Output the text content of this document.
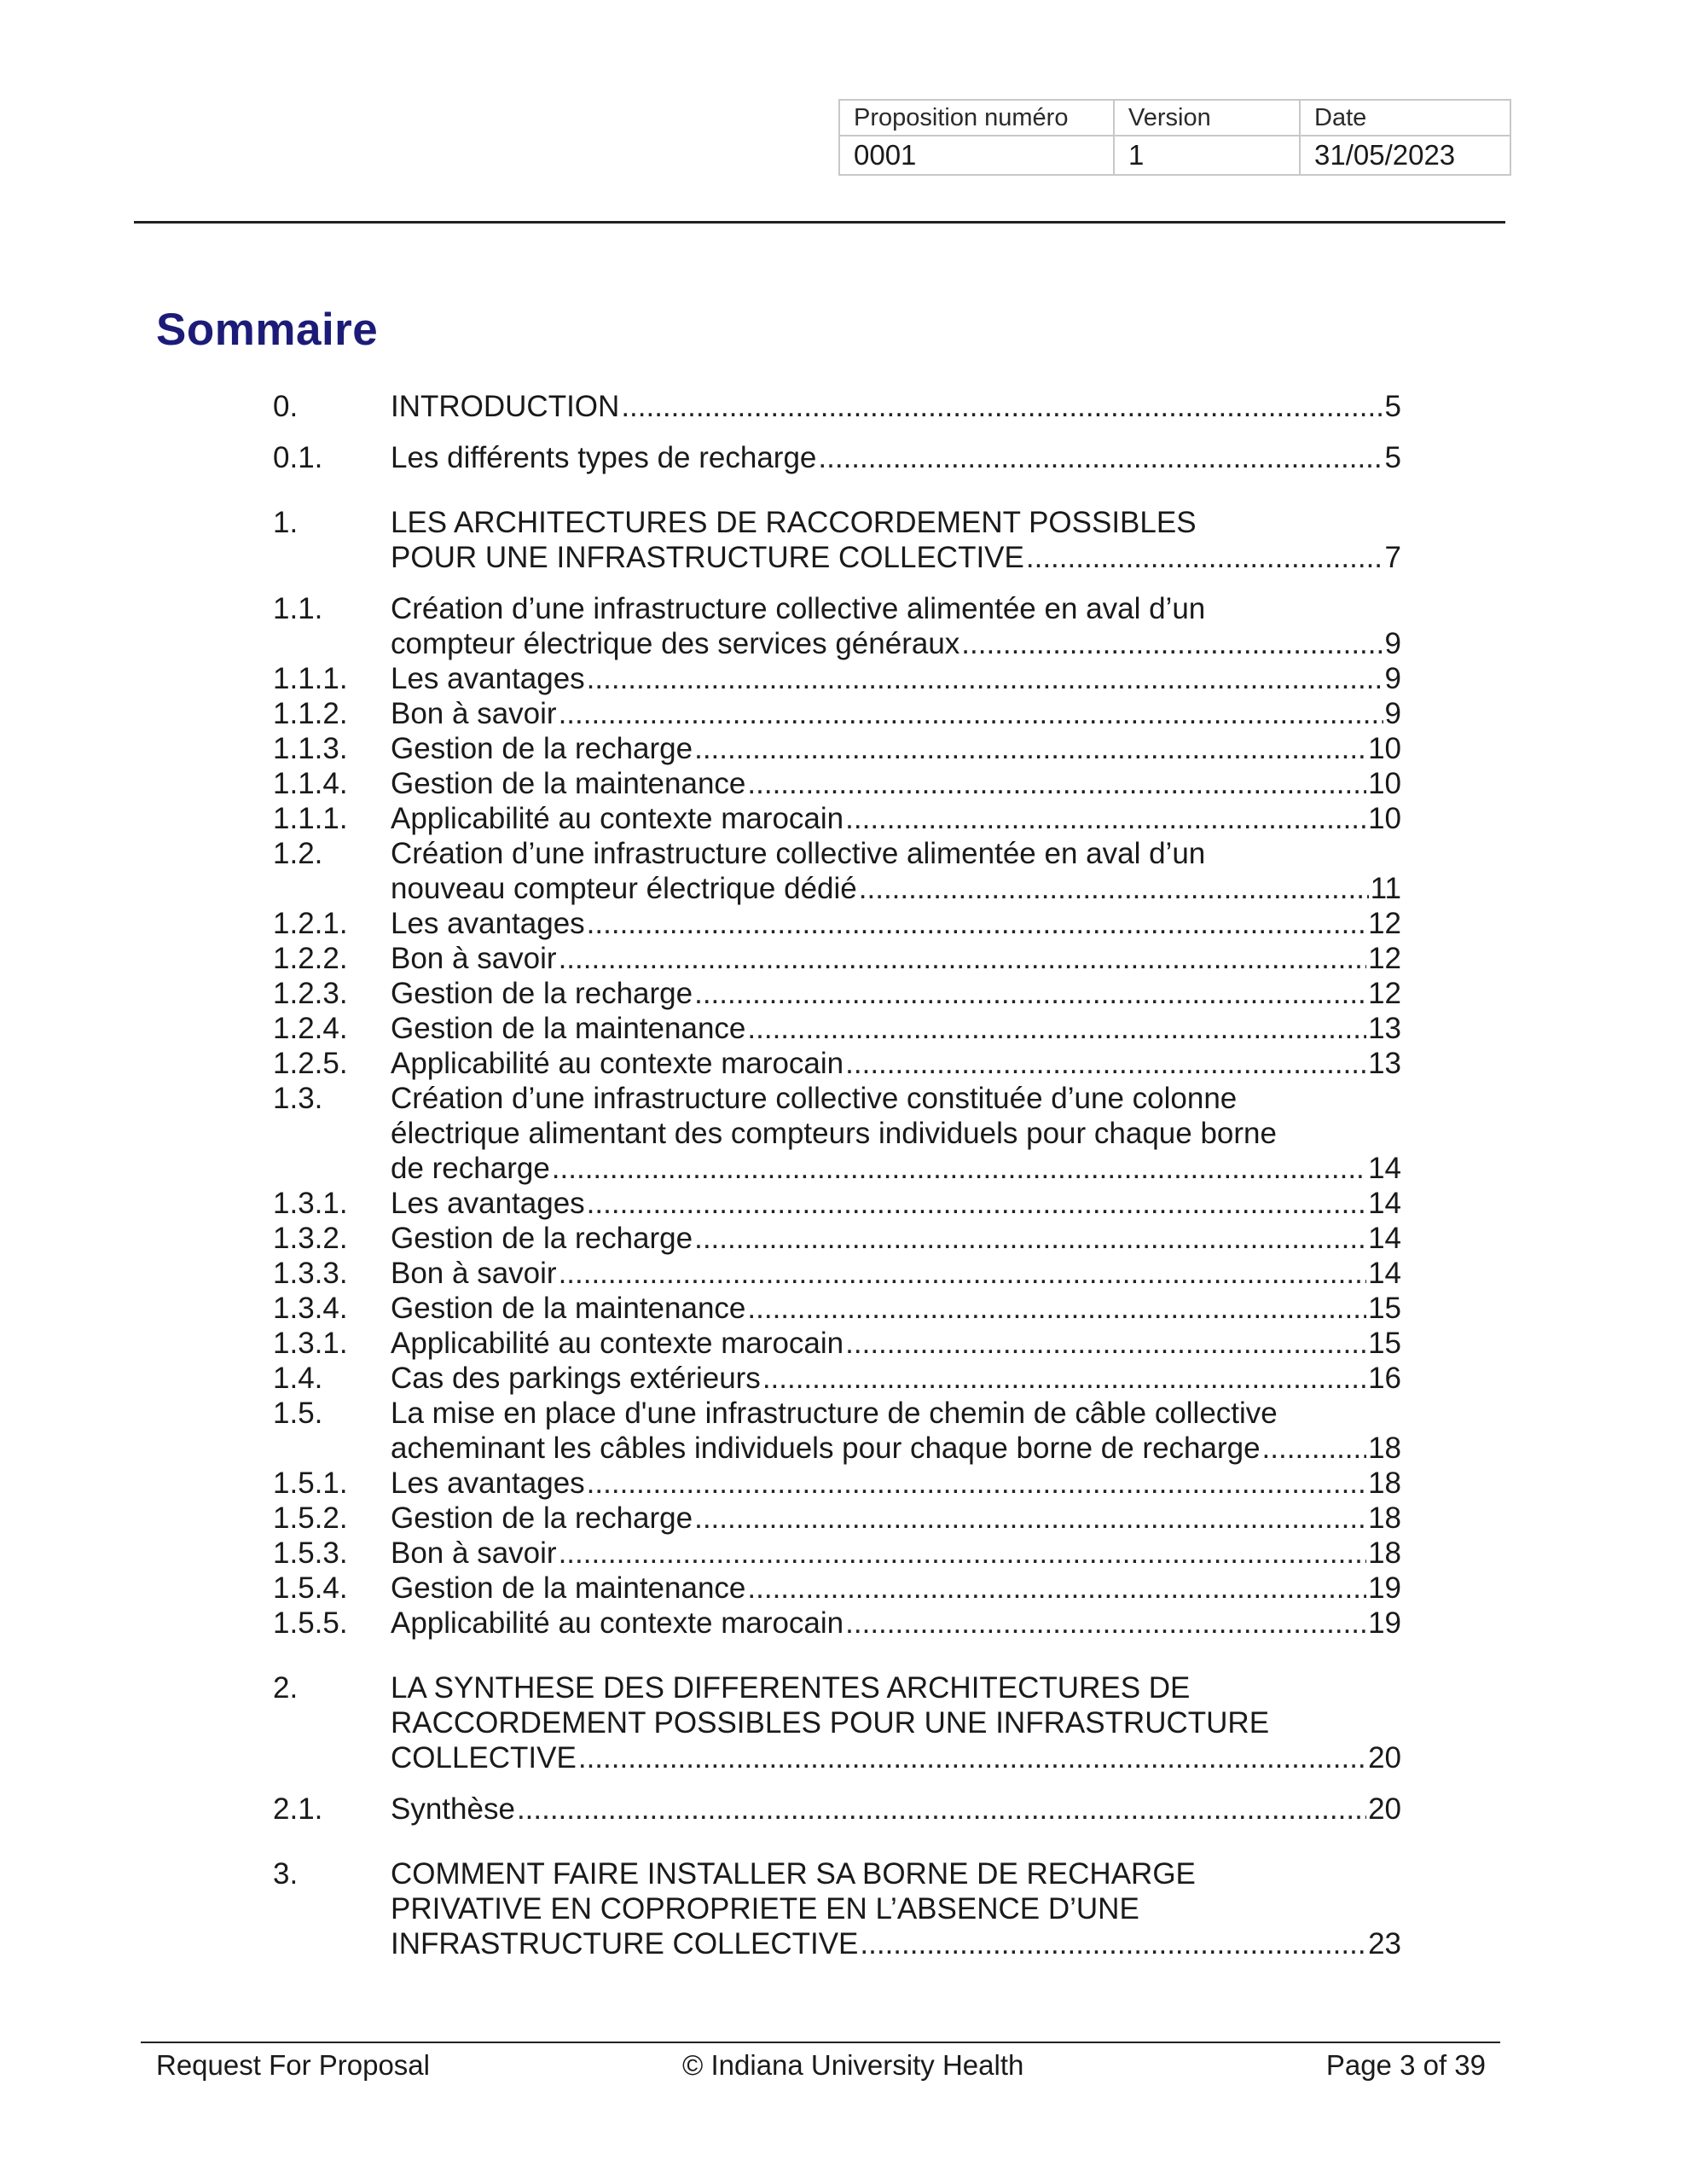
Proposition numéro	Version	Date
0001	1	31/05/2023
Sommaire
0.	INTRODUCTION .....	5
0.1. Les différents types de recharge .....	5
1.	LES ARCHITECTURES DE RACCORDEMENT POSSIBLES
POUR UNE INFRASTRUCTURE COLLECTIVE .....	7
1.1. Création d’une infrastructure collective alimentée en aval d’un
compteur électrique des services généraux .....	9
1.1.1. Les avantages .....	9
1.1.2. Bon à savoir .....	9
1.1.3. Gestion de la recharge .....	10
1.1.4. Gestion de la maintenance .....	10
1.1.1. Applicabilité au contexte marocain .....	10
1.2. Création d’une infrastructure collective alimentée en aval d’un
nouveau compteur électrique dédié .....	11
1.2.1. Les avantages .....	12
1.2.2. Bon à savoir .....	12
1.2.3. Gestion de la recharge .....	12
1.2.4. Gestion de la maintenance .....	13
1.2.5. Applicabilité au contexte marocain .....	13
1.3. Création d’une infrastructure collective constituée d’une colonne
électrique alimentant des compteurs individuels pour chaque borne
de recharge .....	14
1.3.1. Les avantages .....	14
1.3.2. Gestion de la recharge .....	14
1.3.3. Bon à savoir .....	14
1.3.4. Gestion de la maintenance .....	15
1.3.1. Applicabilité au contexte marocain .....	15
1.4. Cas des parkings extérieurs .....	16
1.5. La mise en place d'une infrastructure de chemin de câble collective
acheminant les câbles individuels pour chaque borne de recharge .....	18
1.5.1. Les avantages .....	18
1.5.2. Gestion de la recharge .....	18
1.5.3. Bon à savoir .....	18
1.5.4. Gestion de la maintenance .....	19
1.5.5. Applicabilité au contexte marocain .....	19
2.	LA SYNTHESE DES DIFFERENTES ARCHITECTURES DE
RACCORDEMENT POSSIBLES POUR UNE INFRASTRUCTURE
COLLECTIVE .....	20
2.1. Synthèse .....	20
3.	COMMENT FAIRE INSTALLER SA BORNE DE RECHARGE
PRIVATIVE EN COPROPRIETE EN L’ABSENCE D’UNE
INFRASTRUCTURE COLLECTIVE .....	23
Request For Proposal	© Indiana University Health	Page 3 of 39
